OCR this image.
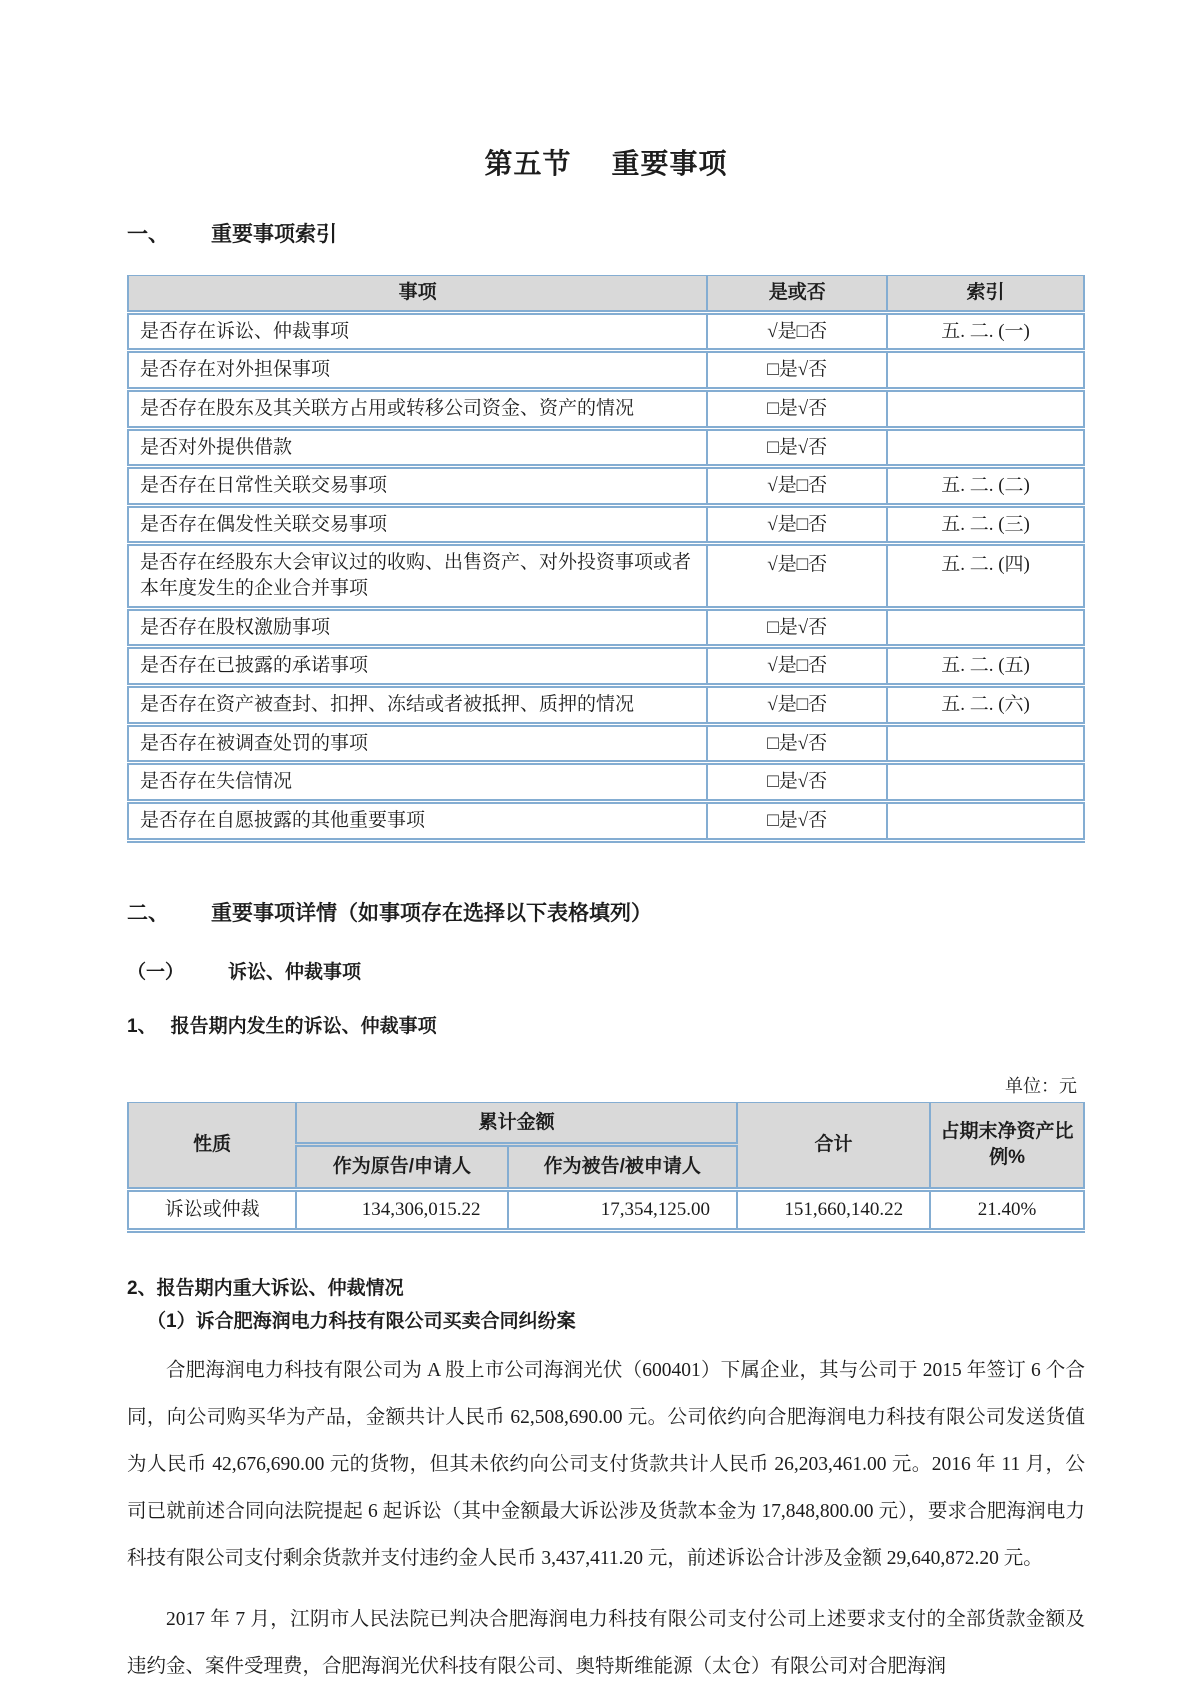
第五节 重要事项
一、 重要事项索引
事项	是或否	索引
是否存在诉讼、仲裁事项	√是□否	五. 二. (一)
是否存在对外担保事项	□是√否	
是否存在股东及其关联方占用或转移公司资金、资产的情况	□是√否	
是否对外提供借款	□是√否	
是否存在日常性关联交易事项	√是□否	五. 二. (二)
是否存在偶发性关联交易事项	√是□否	五. 二. (三)
是否存在经股东大会审议过的收购、出售资产、对外投资事项或者本年度发生的企业合并事项	√是□否	五. 二. (四)
是否存在股权激励事项	□是√否	
是否存在已披露的承诺事项	√是□否	五. 二. (五)
是否存在资产被查封、扣押、冻结或者被抵押、质押的情况	√是□否	五. 二. (六)
是否存在被调查处罚的事项	□是√否	
是否存在失信情况	□是√否	
是否存在自愿披露的其他重要事项	□是√否	
二、 重要事项详情（如事项存在选择以下表格填列）
（一） 诉讼、仲裁事项
1、 报告期内发生的诉讼、仲裁事项
单位：元
性质	累计金额		合计	占期末净资产比例%
	作为原告/申请人	作为被告/被申请人		
诉讼或仲裁	134,306,015.22	17,354,125.00	151,660,140.22	21.40%
2、报告期内重大诉讼、仲裁情况
（1）诉合肥海润电力科技有限公司买卖合同纠纷案

合肥海润电力科技有限公司为 A 股上市公司海润光伏（600401）下属企业，其与公司于 2015 年签订 6 个合同，向公司购买华为产品，金额共计人民币 62,508,690.00 元。公司依约向合肥海润电力科技有限公司发送货值为人民币 42,676,690.00 元的货物，但其未依约向公司支付货款共计人民币 26,203,461.00 元。2016 年 11 月，公司已就前述合同向法院提起 6 起诉讼（其中金额最大诉讼涉及货款本金为 17,848,800.00 元），要求合肥海润电力科技有限公司支付剩余货款并支付违约金人民币 3,437,411.20 元，前述诉讼合计涉及金额 29,640,872.20 元。

2017 年 7 月，江阴市人民法院已判决合肥海润电力科技有限公司支付公司上述要求支付的全部货款金额及违约金、案件受理费，合肥海润光伏科技有限公司、奥特斯维能源（太仓）有限公司对合肥海润
